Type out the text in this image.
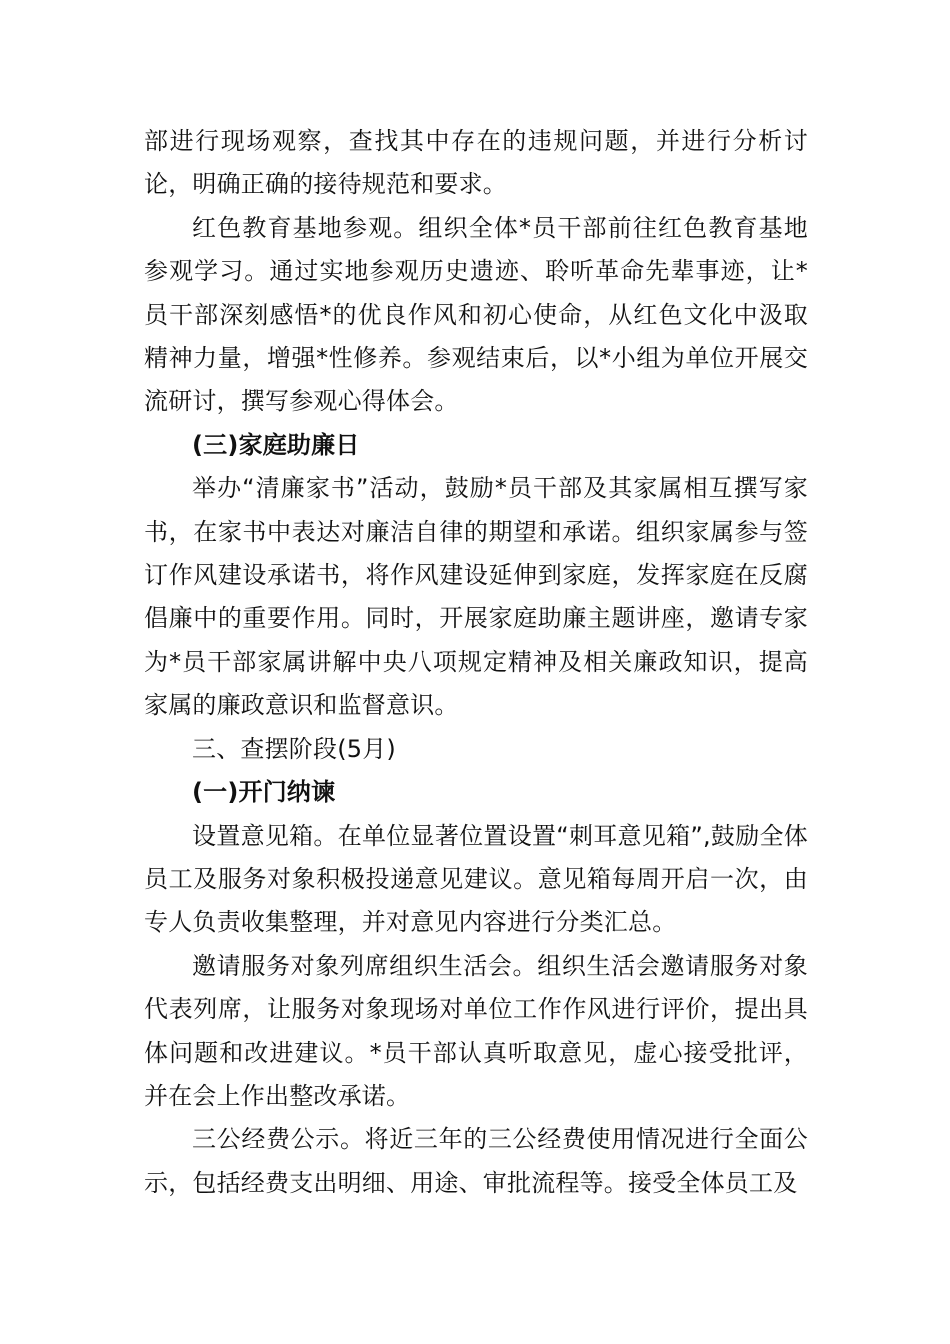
部进行现场观察，查找其中存在的违规问题，并进行分析讨论，明确正确的接待规范和要求。

红色教育基地参观。组织全体*员干部前往红色教育基地参观学习。通过实地参观历史遗迹、聆听革命先辈事迹，让*员干部深刻感悟*的优良作风和初心使命，从红色文化中汲取精神力量，增强*性修养。参观结束后，以*小组为单位开展交流研讨，撰写参观心得体会。

(三)家庭助廉日

举办“清廉家书”活动，鼓励*员干部及其家属相互撰写家书，在家书中表达对廉洁自律的期望和承诺。组织家属参与签订作风建设承诺书，将作风建设延伸到家庭，发挥家庭在反腐倡廉中的重要作用。同时，开展家庭助廉主题讲座，邀请专家为*员干部家属讲解中央八项规定精神及相关廉政知识，提高家属的廉政意识和监督意识。

三、查摆阶段(5月)

(一)开门纳谏

设置意见箱。在单位显著位置设置“刺耳意见箱”,鼓励全体员工及服务对象积极投递意见建议。意见箱每周开启一次，由专人负责收集整理，并对意见内容进行分类汇总。

邀请服务对象列席组织生活会。组织生活会邀请服务对象代表列席，让服务对象现场对单位工作作风进行评价，提出具体问题和改进建议。*员干部认真听取意见，虚心接受批评，并在会上作出整改承诺。

三公经费公示。将近三年的三公经费使用情况进行全面公示，包括经费支出明细、用途、审批流程等。接受全体员工及
